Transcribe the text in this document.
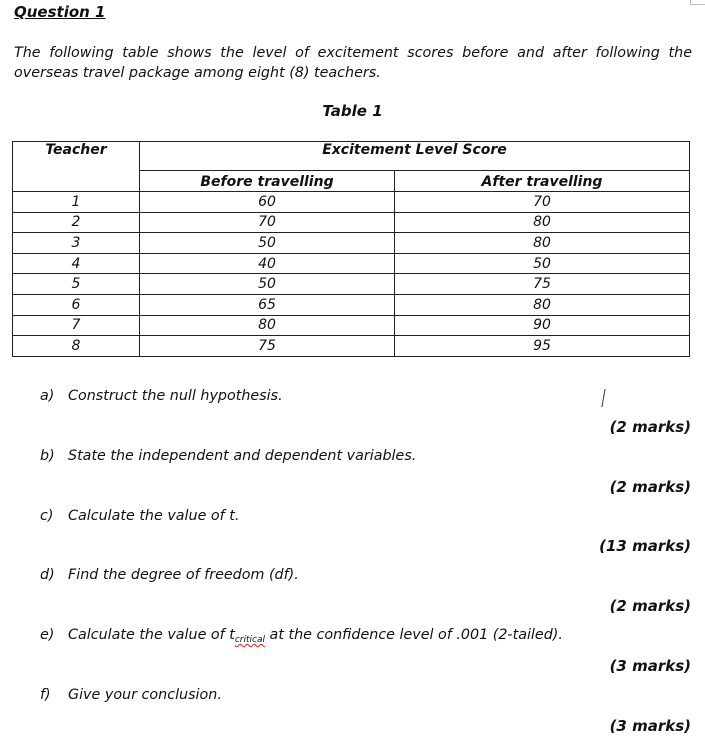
Question 1
The following table shows the level of excitement scores before and after following the overseas travel package among eight (8) teachers.
Table 1
Teacher	Excitement Level Score	
	Before travelling	After travelling
1	60	70
2	70	80
3	50	80
4	40	50
5	50	75
6	65	80
7	80	90
8	75	95
a) Construct the null hypothesis.
(2 marks)
b) State the independent and dependent variables.
(2 marks)
c) Calculate the value of t.
(13 marks)
d) Find the degree of freedom (df).
(2 marks)
e) Calculate the value of $t_{critical}$ at the confidence level of .001 (2-tailed).
(3 marks)
f) Give your conclusion.
(3 marks)
